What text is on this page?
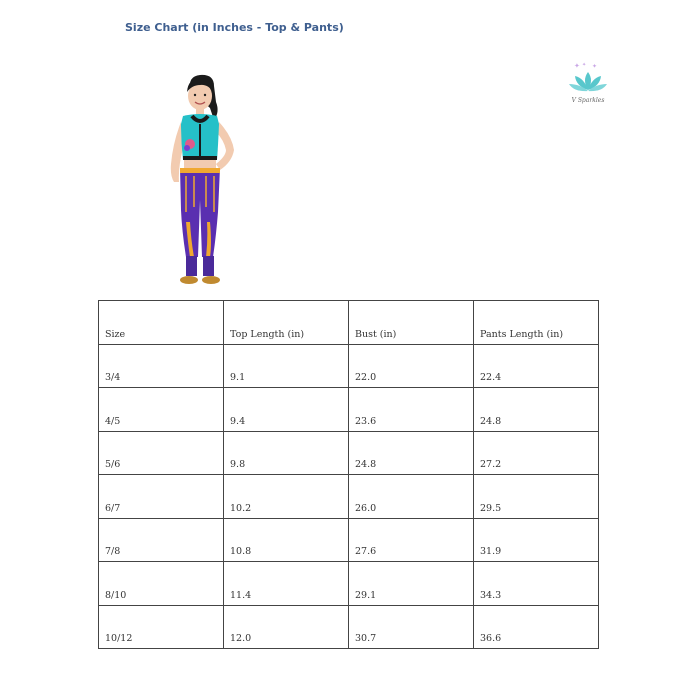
Size Chart (in Inches - Top & Pants)
✦ ✦ ✦
V Sparkles
Size	Top Length (in)	Bust (in)	Pants Length (in)
3/4	9.1	22.0	22.4
4/5	9.4	23.6	24.8
5/6	9.8	24.8	27.2
6/7	10.2	26.0	29.5
7/8	10.8	27.6	31.9
8/10	11.4	29.1	34.3
10/12	12.0	30.7	36.6
